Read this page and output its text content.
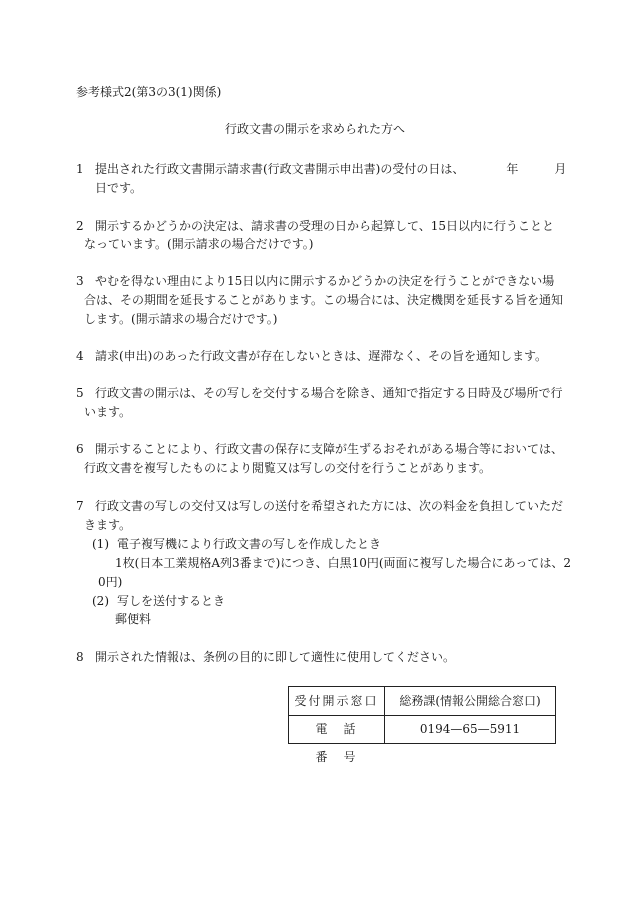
参考様式2(第3の3(1)関係)
行政文書の開示を求められた方へ
1 提出された行政文書開示請求書(行政文書開示申出書)の受付の日は、　　　　年　　　月
日です。
2 開示するかどうかの決定は、請求書の受理の日から起算して、15日以内に行うことと
なっています。(開示請求の場合だけです。)
3 やむを得ない理由により15日以内に開示するかどうかの決定を行うことができない場
合は、その期間を延長することがあります。この場合には、決定機関を延長する旨を通知
します。(開示請求の場合だけです。)
4 請求(申出)のあった行政文書が存在しないときは、遅滞なく、その旨を通知します。
5 行政文書の開示は、その写しを交付する場合を除き、通知で指定する日時及び場所で行
います。
6 開示することにより、行政文書の保存に支障が生ずるおそれがある場合等においては、
行政文書を複写したものにより閲覧又は写しの交付を行うことがあります。
7 行政文書の写しの交付又は写しの送付を希望された方には、次の料金を負担していただ
きます。
(1) 電子複写機により行政文書の写しを作成したとき
1枚(日本工業規格A列3番まで)につき、白黒10円(両面に複写した場合にあっては、2
0円)
(2) 写しを送付するとき
郵便料
8 開示された情報は、条例の目的に即して適性に使用してください。
受付開示窓口	総務課(情報公開総合窓口)
電話番号
0194—65—5911
